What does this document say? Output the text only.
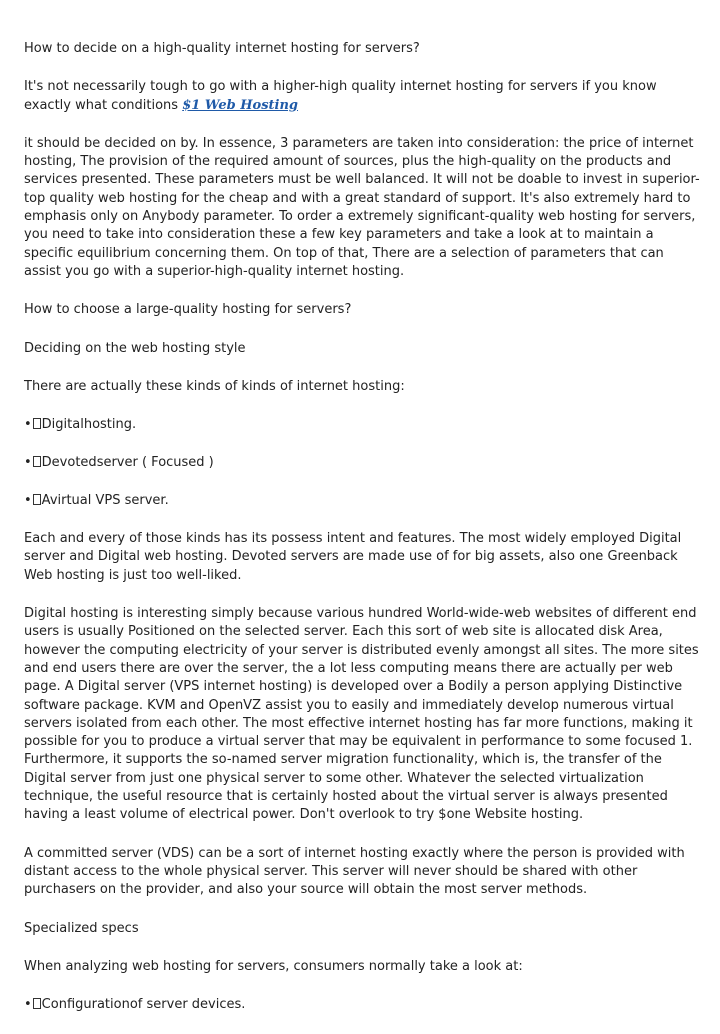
How to decide on a high-quality internet hosting for servers?

It's not necessarily tough to go with a higher-high quality internet hosting for servers if you know exactly what conditions $1 Web Hosting

it should be decided on by. In essence, 3 parameters are taken into consideration: the price of internet hosting, The provision of the required amount of sources, plus the high-quality on the products and services presented. These parameters must be well balanced. It will not be doable to invest in superior-top quality web hosting for the cheap and with a great standard of support. It's also extremely hard to emphasis only on Anybody parameter. To order a extremely significant-quality web hosting for servers, you need to take into consideration these a few key parameters and take a look at to maintain a specific equilibrium concerning them. On top of that, There are a selection of parameters that can assist you go with a superior-high-quality internet hosting.

How to choose a large-quality hosting for servers?

Deciding on the web hosting style

There are actually these kinds of kinds of internet hosting:

• Digitalhosting.
• Devotedserver ( Focused )
• Avirtual VPS server.

Each and every of those kinds has its possess intent and features. The most widely employed Digital server and Digital web hosting. Devoted servers are made use of for big assets, also one Greenback Web hosting is just too well-liked.

Digital hosting is interesting simply because various hundred World-wide-web websites of different end users is usually Positioned on the selected server. Each this sort of web site is allocated disk Area, however the computing electricity of your server is distributed evenly amongst all sites. The more sites and end users there are over the server, the a lot less computing means there are actually per web page. A Digital server (VPS internet hosting) is developed over a Bodily a person applying Distinctive software package. KVM and OpenVZ assist you to easily and immediately develop numerous virtual servers isolated from each other. The most effective internet hosting has far more functions, making it possible for you to produce a virtual server that may be equivalent in performance to some focused 1. Furthermore, it supports the so-named server migration functionality, which is, the transfer of the Digital server from just one physical server to some other. Whatever the selected virtualization technique, the useful resource that is certainly hosted about the virtual server is always presented having a least volume of electrical power. Don't overlook to try $one Website hosting.

A committed server (VDS) can be a sort of internet hosting exactly where the person is provided with distant access to the whole physical server. This server will never should be shared with other purchasers on the provider, and also your source will obtain the most server methods.

Specialized specs

When analyzing web hosting for servers, consumers normally take a look at:

• Configurationof server devices.
